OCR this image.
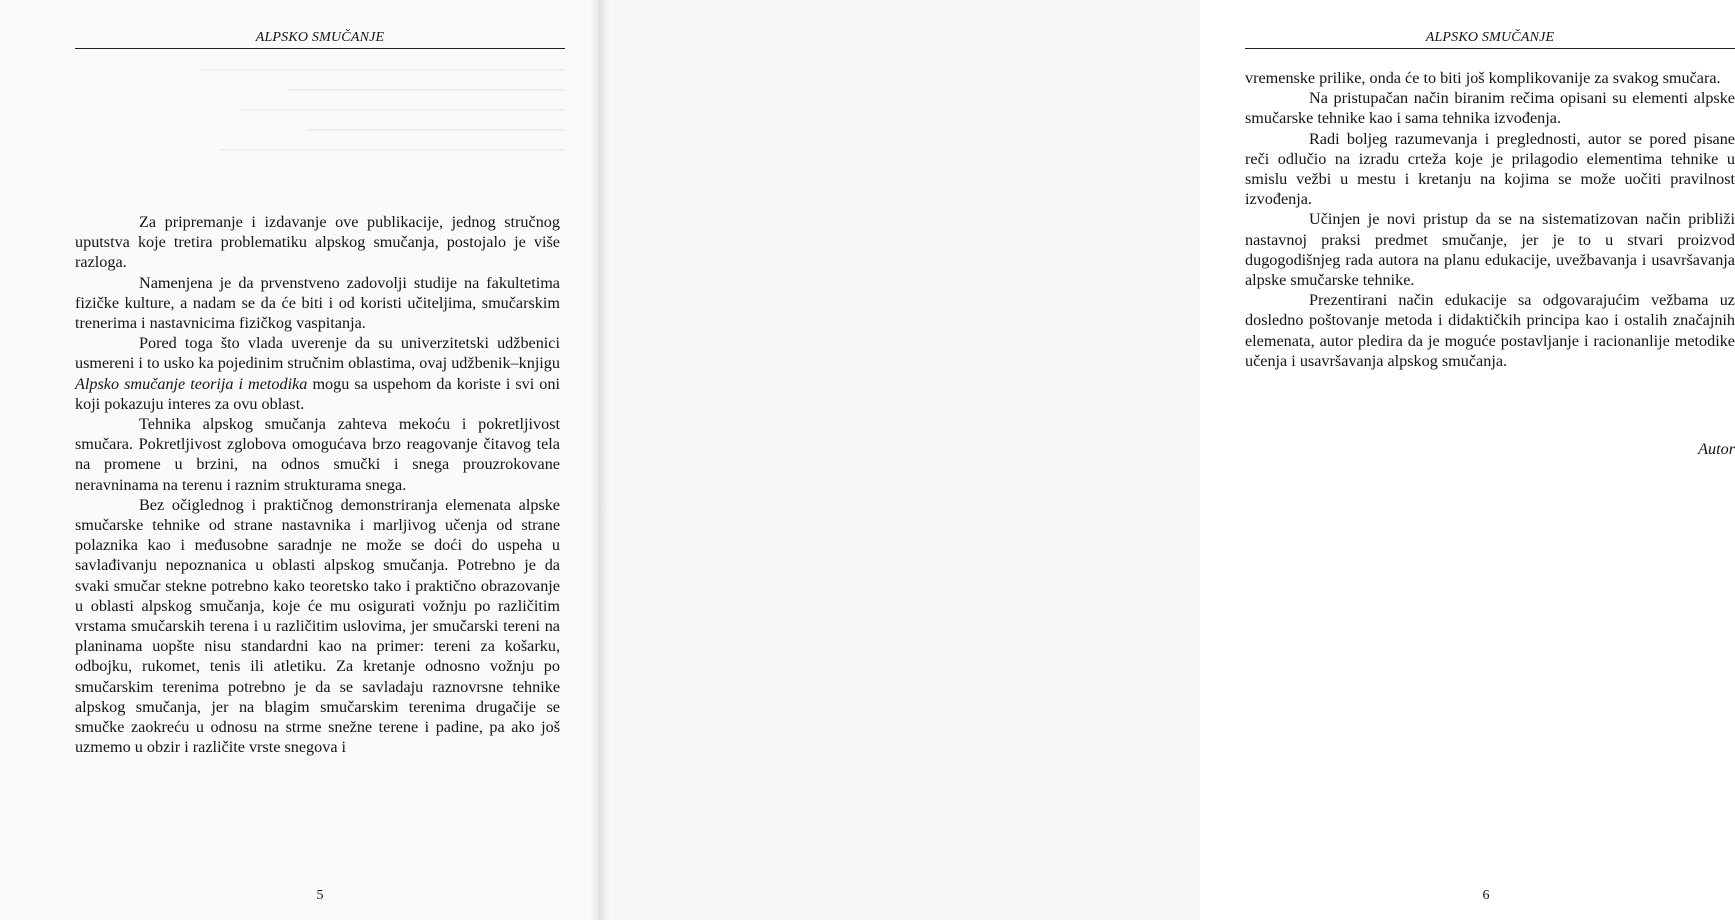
──────────────────────────────────────
─────────────────────────────
──────────────────────────────────
───────────────────────────
────────────────────────────────────
ALPSKO SMUČANJE

Za pripremanje i izdavanje ove publikacije, jednog stručnog uputstva koje tretira problematiku alpskog smučanja, postojalo je više razloga.

Namenjena je da prvenstveno zadovolji studije na fakultetima fizičke kulture, a nadam se da će biti i od koristi učiteljima, smučarskim trenerima i nastavnicima fizičkog vaspitanja.

Pored toga što vlada uverenje da su univerzitetski udžbenici usmereni i to usko ka pojedinim stručnim oblastima, ovaj udžbenik–knjigu Alpsko smučanje teorija i metodika mogu sa uspehom da koriste i svi oni koji pokazuju interes za ovu oblast.

Tehnika alpskog smučanja zahteva mekoću i pokretljivost smučara. Pokretljivost zglobova omogućava brzo reagovanje čitavog tela na promene u brzini, na odnos smučki i snega prouzrokovane neravninama na terenu i raznim strukturama snega.

Bez očiglednog i praktičnog demonstriranja elemenata alpske smučarske tehnike od strane nastavnika i marljivog učenja od strane polaznika kao i međusobne saradnje ne može se doći do uspeha u savlađivanju nepoznanica u oblasti alpskog smučanja. Potrebno je da svaki smučar stekne potrebno kako teoretsko tako i praktično obrazovanje u oblasti alpskog smučanja, koje će mu osigurati vožnju po različitim vrstama smučarskih terena i u različitim uslovima, jer smučarski tereni na planinama uopšte nisu standardni kao na primer: tereni za košarku, odbojku, rukomet, tenis ili atletiku. Za kretanje odnosno vožnju po smučarskim terenima potrebno je da se savladaju raznovrsne tehnike alpskog smučanja, jer na blagim smučarskim terenima drugačije se smučke zaokreću u odnosu na strme snežne terene i padine, pa ako još uzmemo u obzir i različite vrste snegova i

5
ALPSKO SMUČANJE

vremenske prilike, onda će to biti još komplikovanije za svakog smučara.

Na pristupačan način biranim rečima opisani su elementi alpske smučarske tehnike kao i sama tehnika izvođenja.

Radi boljeg razumevanja i preglednosti, autor se pored pisane reči odlučio na izradu crteža koje je prilagodio elementima tehnike u smislu vežbi u mestu i kretanju na kojima se može uočiti pravilnost izvođenja.

Učinjen je novi pristup da se na sistematizovan način približi nastavnoj praksi predmet smučanje, jer je to u stvari proizvod dugogodišnjeg rada autora na planu edukacije, uvežbavanja i usavršavanja alpske smučarske tehnike.

Prezentirani način edukacije sa odgovarajućim vežbama uz dosledno poštovanje metoda i didaktičkih principa kao i ostalih značajnih elemenata, autor pledira da je moguće postavljanje i racionanlije metodike učenja i usavršavanja alpskog smučanja.

Autor
6
